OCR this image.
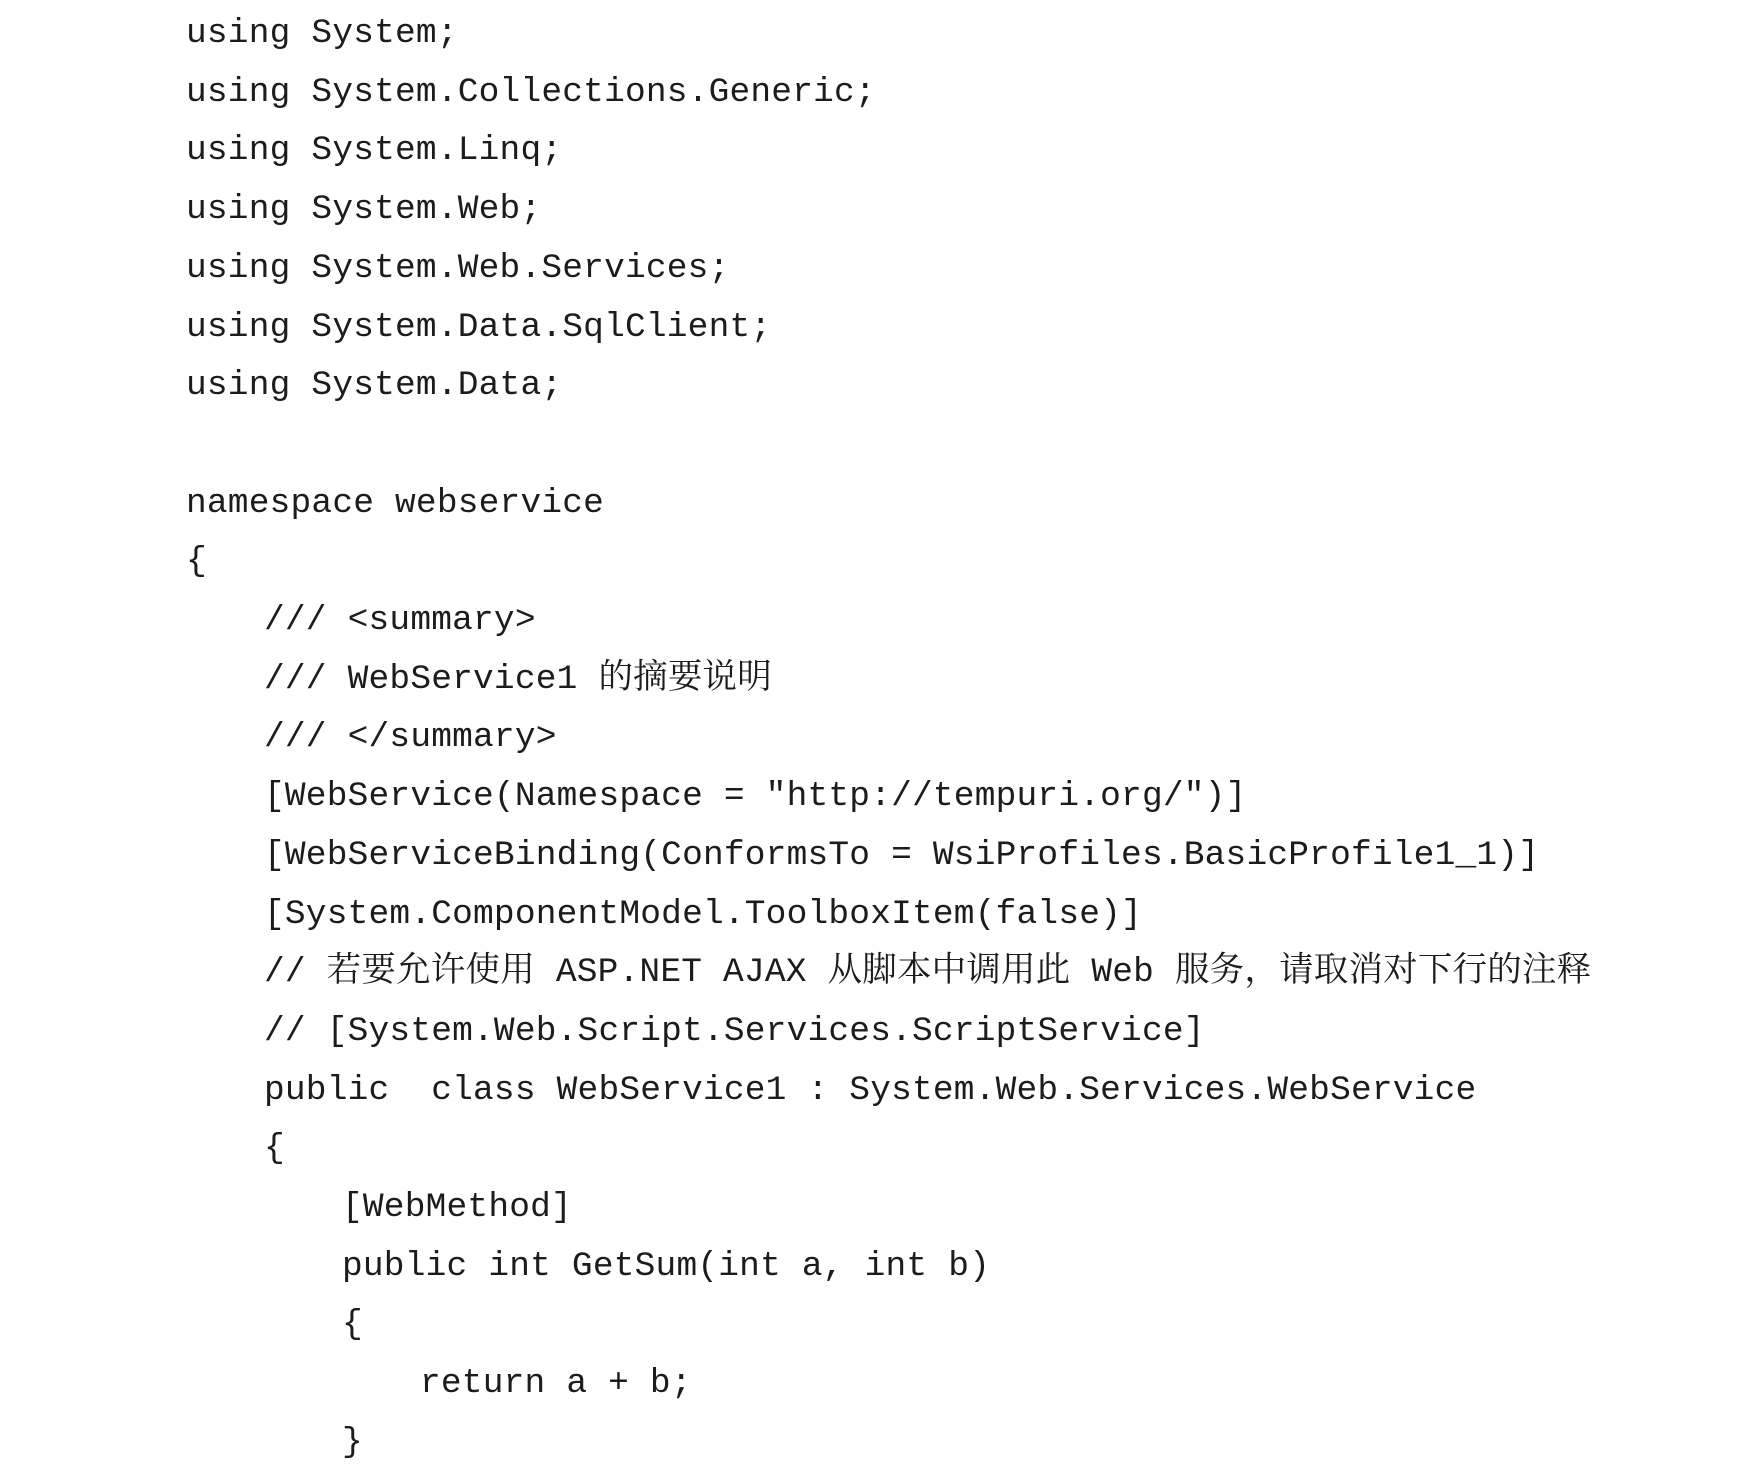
using System;
using System.Collections.Generic;
using System.Linq;
using System.Web;
using System.Web.Services;
using System.Data.SqlClient;
using System.Data;
namespace webservice
{
/// <summary>
/// WebService1 的摘要说明
/// </summary>
[WebService(Namespace = "http://tempuri.org/")]
[WebServiceBinding(ConformsTo = WsiProfiles.BasicProfile1_1)]
[System.ComponentModel.ToolboxItem(false)]
// 若要允许使用 ASP.NET AJAX 从脚本中调用此 Web 服务，请取消对下行的注释
// [System.Web.Script.Services.ScriptService]
public  class WebService1 : System.Web.Services.WebService
{
[WebMethod]
public int GetSum(int a, int b)
{
return a + b;
}
